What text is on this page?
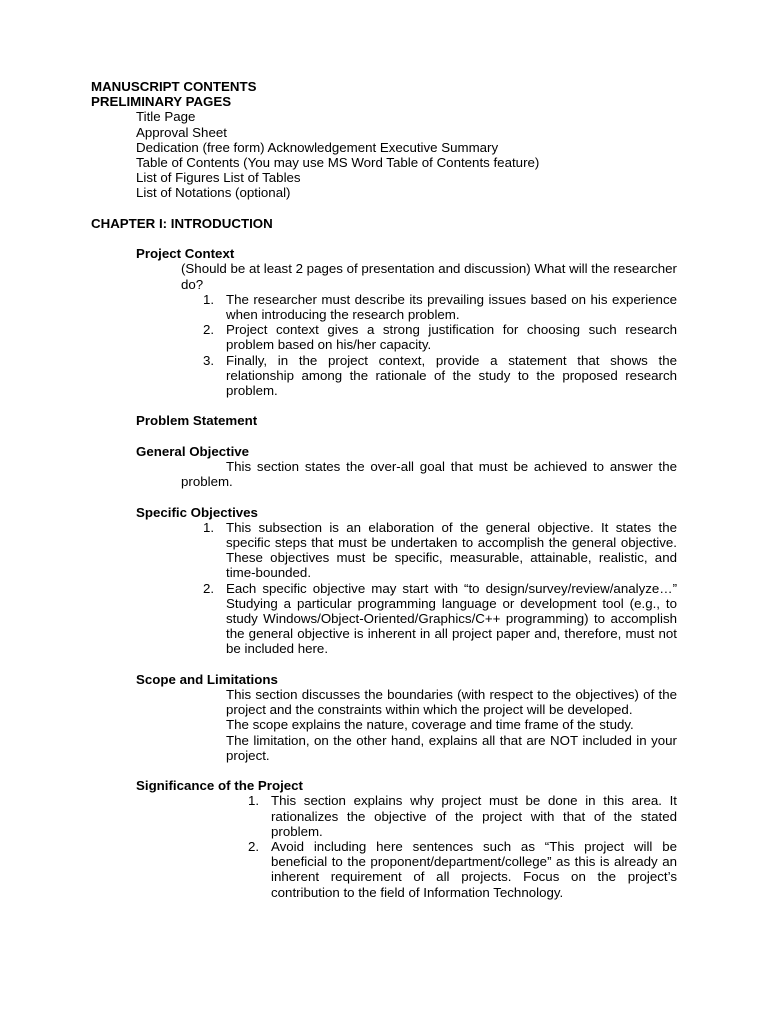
MANUSCRIPT CONTENTS
PRELIMINARY PAGES
Title Page
Approval Sheet
Dedication (free form) Acknowledgement Executive Summary
Table of Contents (You may use MS Word Table of Contents feature)
List of Figures List of Tables
List of Notations (optional)
CHAPTER I: INTRODUCTION
Project Context
(Should be at least 2 pages of presentation and discussion) What will the researcher do?
1. The researcher must describe its prevailing issues based on his experience when introducing the research problem.
2. Project context gives a strong justification for choosing such research problem based on his/her capacity.
3. Finally, in the project context, provide a statement that shows the relationship among the rationale of the study to the proposed research problem.
Problem Statement
General Objective
This section states the over-all goal that must be achieved to answer the problem.
Specific Objectives
1. This subsection is an elaboration of the general objective. It states the specific steps that must be undertaken to accomplish the general objective. These objectives must be specific, measurable, attainable, realistic, and time-bounded.
2. Each specific objective may start with “to design/survey/review/analyze…” Studying a particular programming language or development tool (e.g., to study Windows/Object-Oriented/Graphics/C++ programming) to accomplish the general objective is inherent in all project paper and, therefore, must not be included here.
Scope and Limitations
This section discusses the boundaries (with respect to the objectives) of the project and the constraints within which the project will be developed.
The scope explains the nature, coverage and time frame of the study.
The limitation, on the other hand, explains all that are NOT included in your project.
Significance of the Project
1. This section explains why project must be done in this area. It rationalizes the objective of the project with that of the stated problem.
2. Avoid including here sentences such as “This project will be beneficial to the proponent/department/college” as this is already an inherent requirement of all projects. Focus on the project’s contribution to the field of Information Technology.
